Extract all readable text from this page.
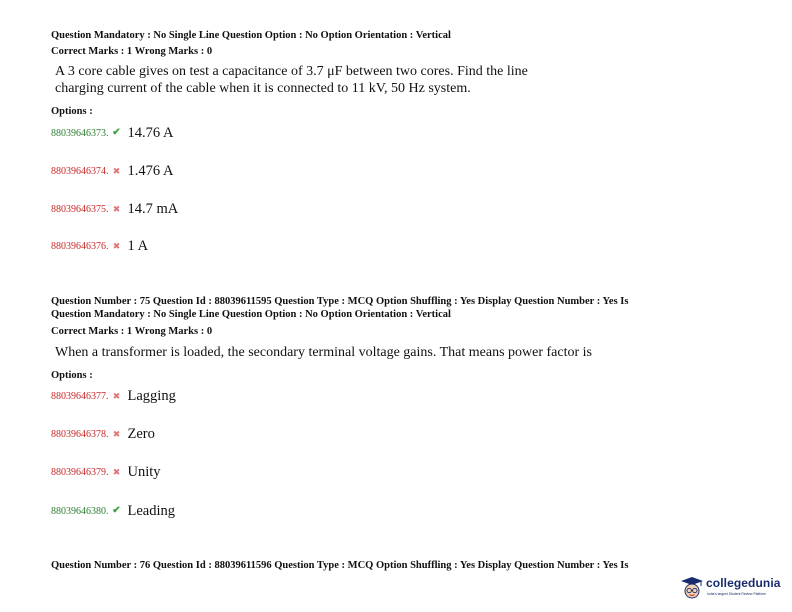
Question Mandatory : No Single Line Question Option : No Option Orientation : Vertical
Correct Marks : 1 Wrong Marks : 0
A 3 core cable gives on test a capacitance of 3.7 μF between two cores. Find the line
charging current of the cable when it is connected to 11 kV, 50 Hz system.
Options :
88039646373. ✔ 14.76 A
88039646374. ✖ 1.476 A
88039646375. ✖ 14.7 mA
88039646376. ✖ 1 A
Question Number : 75 Question Id : 88039611595 Question Type : MCQ Option Shuffling : Yes Display Question Number : Yes Is
Question Mandatory : No Single Line Question Option : No Option Orientation : Vertical
Correct Marks : 1 Wrong Marks : 0
When a transformer is loaded, the secondary terminal voltage gains. That means power factor is
Options :
88039646377. ✖ Lagging
88039646378. ✖ Zero
88039646379. ✖ Unity
88039646380. ✔ Leading
Question Number : 76 Question Id : 88039611596 Question Type : MCQ Option Shuffling : Yes Display Question Number : Yes Is
collegedunia
India's largest Student Review Platform
